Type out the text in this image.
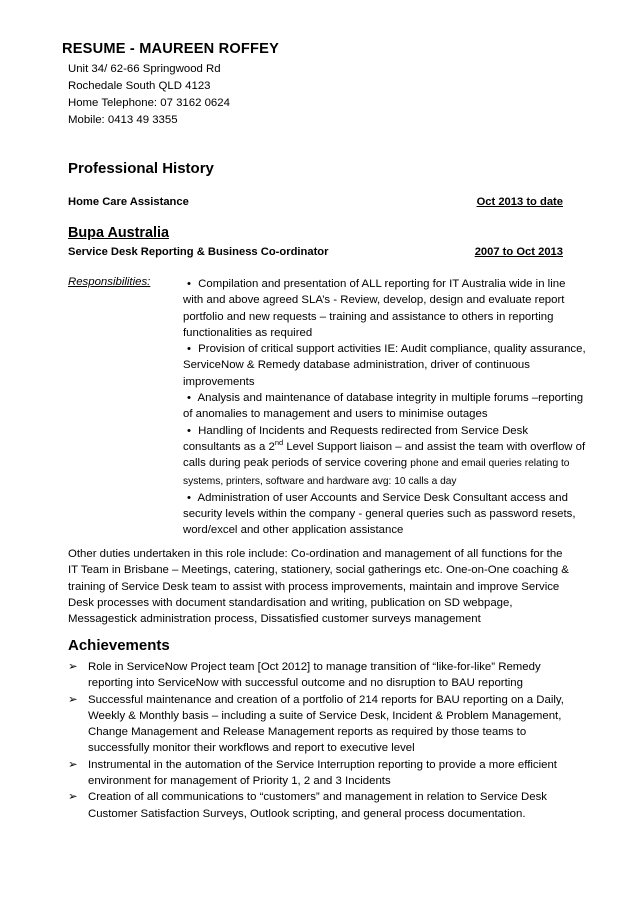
RESUME - MAUREEN ROFFEY
Unit 34/ 62-66 Springwood Rd
Rochedale South QLD 4123
Home Telephone: 07 3162 0624
Mobile: 0413 49 3355
Professional History
Home Care Assistance	Oct 2013 to date
Bupa Australia
Service Desk Reporting & Business Co-ordinator	2007 to Oct 2013
Responsibilities:	• Compilation and presentation of ALL reporting for IT Australia wide in line with and above agreed SLA’s - Review, develop, design and evaluate report portfolio and new requests – training and assistance to others in reporting functionalities as required

• Provision of critical support activities IE: Audit compliance, quality assurance, ServiceNow & Remedy database administration, driver of continuous improvements

• Analysis and maintenance of database integrity in multiple forums –reporting of anomalies to management and users to minimise outages

• Handling of Incidents and Requests redirected from Service Desk consultants as a 2nd Level Support liaison – and assist the team with overflow of calls during peak periods of service covering phone and email queries relating to systems, printers, software and hardware avg: 10 calls a day

• Administration of user Accounts and Service Desk Consultant access and security levels within the company - general queries such as password resets, word/excel and other application assistance

Other duties undertaken in this role include: Co-ordination and management of all functions for the IT Team in Brisbane – Meetings, catering, stationery, social gatherings etc. One-on-One coaching & training of Service Desk team to assist with process improvements, maintain and improve Service Desk processes with document standardisation and writing, publication on SD webpage, Messagestick administration process, Dissatisfied customer surveys management
Achievements

➢ Role in ServiceNow Project team [Oct 2012] to manage transition of “like-for-like” Remedy reporting into ServiceNow with successful outcome and no disruption to BAU reporting

➢ Successful maintenance and creation of a portfolio of 214 reports for BAU reporting on a Daily, Weekly & Monthly basis – including a suite of Service Desk, Incident & Problem Management, Change Management and Release Management reports as required by those teams to successfully monitor their workflows and report to executive level

➢ Instrumental in the automation of the Service Interruption reporting to provide a more efficient environment for management of Priority 1, 2 and 3 Incidents

➢ Creation of all communications to “customers” and management in relation to Service Desk Customer Satisfaction Surveys, Outlook scripting, and general process documentation.
